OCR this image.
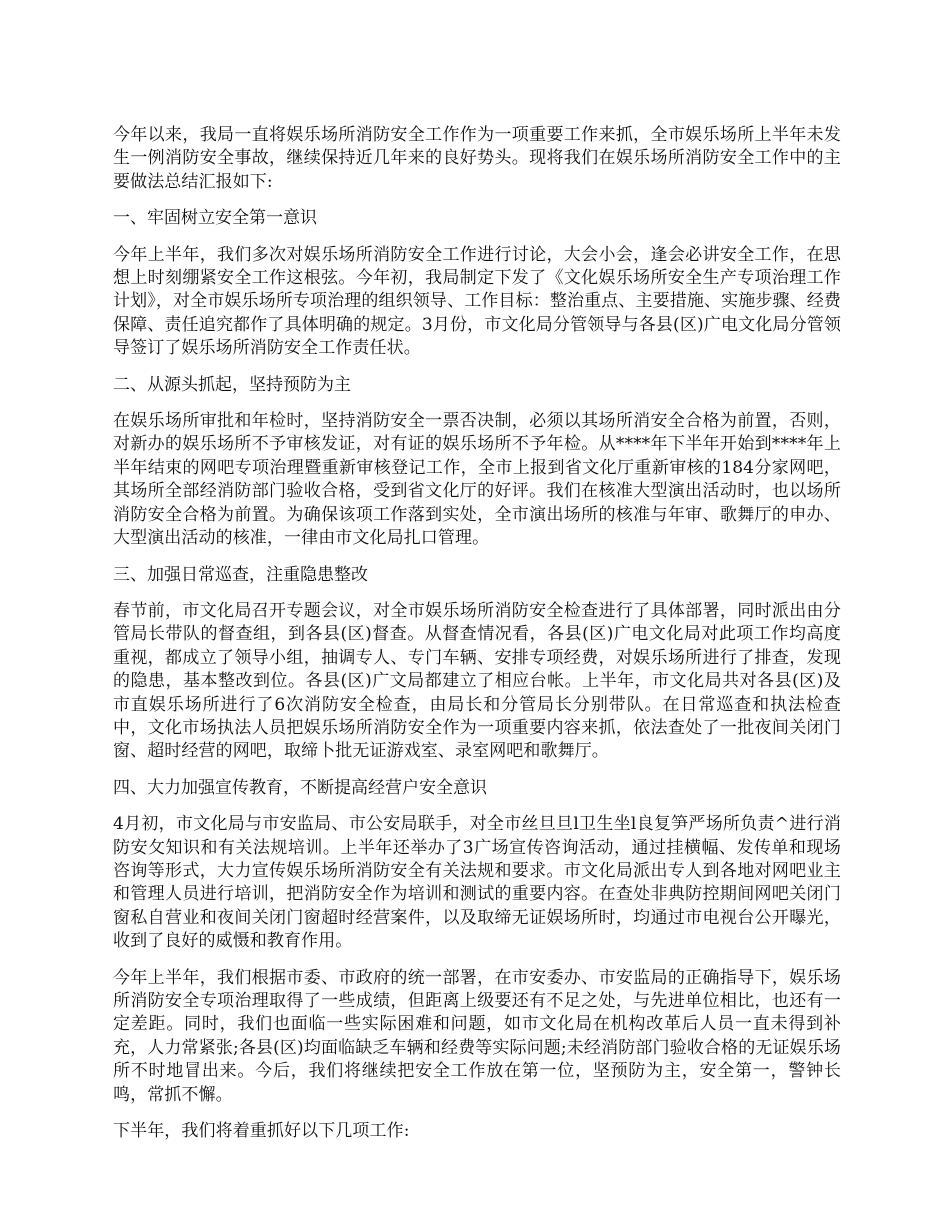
今年以来，我局一直将娱乐场所消防安全工作作为一项重要工作来抓，全市娱乐场所上半年未发生一例消防安全事故，继续保持近几年来的良好势头。现将我们在娱乐场所消防安全工作中的主要做法总结汇报如下:

一、牢固树立安全第一意识

今年上半年，我们多次对娱乐场所消防安全工作进行讨论，大会小会，逢会必讲安全工作，在思想上时刻绷紧安全工作这根弦。今年初，我局制定下发了《文化娱乐场所安全生产专项治理工作计划》，对全市娱乐场所专项治理的组织领导、工作目标：整治重点、主要措施、实施步骤、经费保障、责任追究都作了具体明确的规定。3月份，市文化局分管领导与各县(区)广电文化局分管领导签订了娱乐场所消防安全工作责任状。

二、从源头抓起，坚持预防为主

在娱乐场所审批和年检时，坚持消防安全一票否决制，必须以其场所消安全合格为前置，否则，对新办的娱乐场所不予审核发证，对有证的娱乐场所不予年检。从****年下半年开始到****年上半年结束的网吧专项治理暨重新审核登记工作，全市上报到省文化厅重新审核的184分家网吧，其场所全部经消防部门验收合格，受到省文化厅的好评。我们在核准大型演出活动时，也以场所消防安全合格为前置。为确保该项工作落到实处，全市演出场所的核准与年审、歌舞厅的申办、大型演出活动的核准，一律由市文化局扎口管理。

三、加强日常巡查，注重隐患整改

春节前，市文化局召开专题会议，对全市娱乐场所消防安全检查进行了具体部署，同时派出由分管局长带队的督查组，到各县(区)督查。从督查情况看，各县(区)广电文化局对此项工作均高度重视，都成立了领导小组，抽调专人、专门车辆、安排专项经费，对娱乐场所进行了排查，发现的隐患，基本整改到位。各县(区)广文局都建立了相应台帐。上半年，市文化局共对各县(区)及市直娱乐场所进行了6次消防安全检查，由局长和分管局长分别带队。在日常巡查和执法检查中，文化市场执法人员把娱乐场所消防安全作为一项重要内容来抓，依法查处了一批夜间关闭门窗、超时经营的网吧，取缔卜批无证游戏室、录室网吧和歌舞厅。

四、大力加强宣传教育，不断提高经营户安全意识

4月初，市文化局与市安监局、市公安局联手，对全市丝旦旦l卫生坐l良复笋严场所负责^进行消防安攵知识和有关法规培训。上半年还举办了3广场宣传咨询活动，通过挂横幅、发传单和现场咨询等形式，大力宣传娱乐场所消防安全有关法规和要求。市文化局派出专人到各地对网吧业主和管理人员进行培训，把消防安全作为培训和测试的重要内容。在查处非典防控期间网吧关闭门窗私自营业和夜间关闭门窗超时经营案件，以及取缔无证娱场所时，均通过市电视台公开曝光，收到了良好的威慑和教育作用。

今年上半年，我们根据市委、市政府的统一部署，在市安委办、市安监局的正确指导下，娱乐场所消防安全专项治理取得了一些成绩，但距离上级要还有不足之处，与先进单位相比，也还有一定差距。同时，我们也面临一些实际困难和问题，如市文化局在机构改革后人员一直未得到补充，人力常紧张;各县(区)均面临缺乏车辆和经费等实际问题;未经消防部门验收合格的无证娱乐场所不时地冒出来。今后，我们将继续把安全工作放在第一位，坚预防为主，安全第一，警钟长鸣，常抓不懈。

下半年，我们将着重抓好以下几项工作:
